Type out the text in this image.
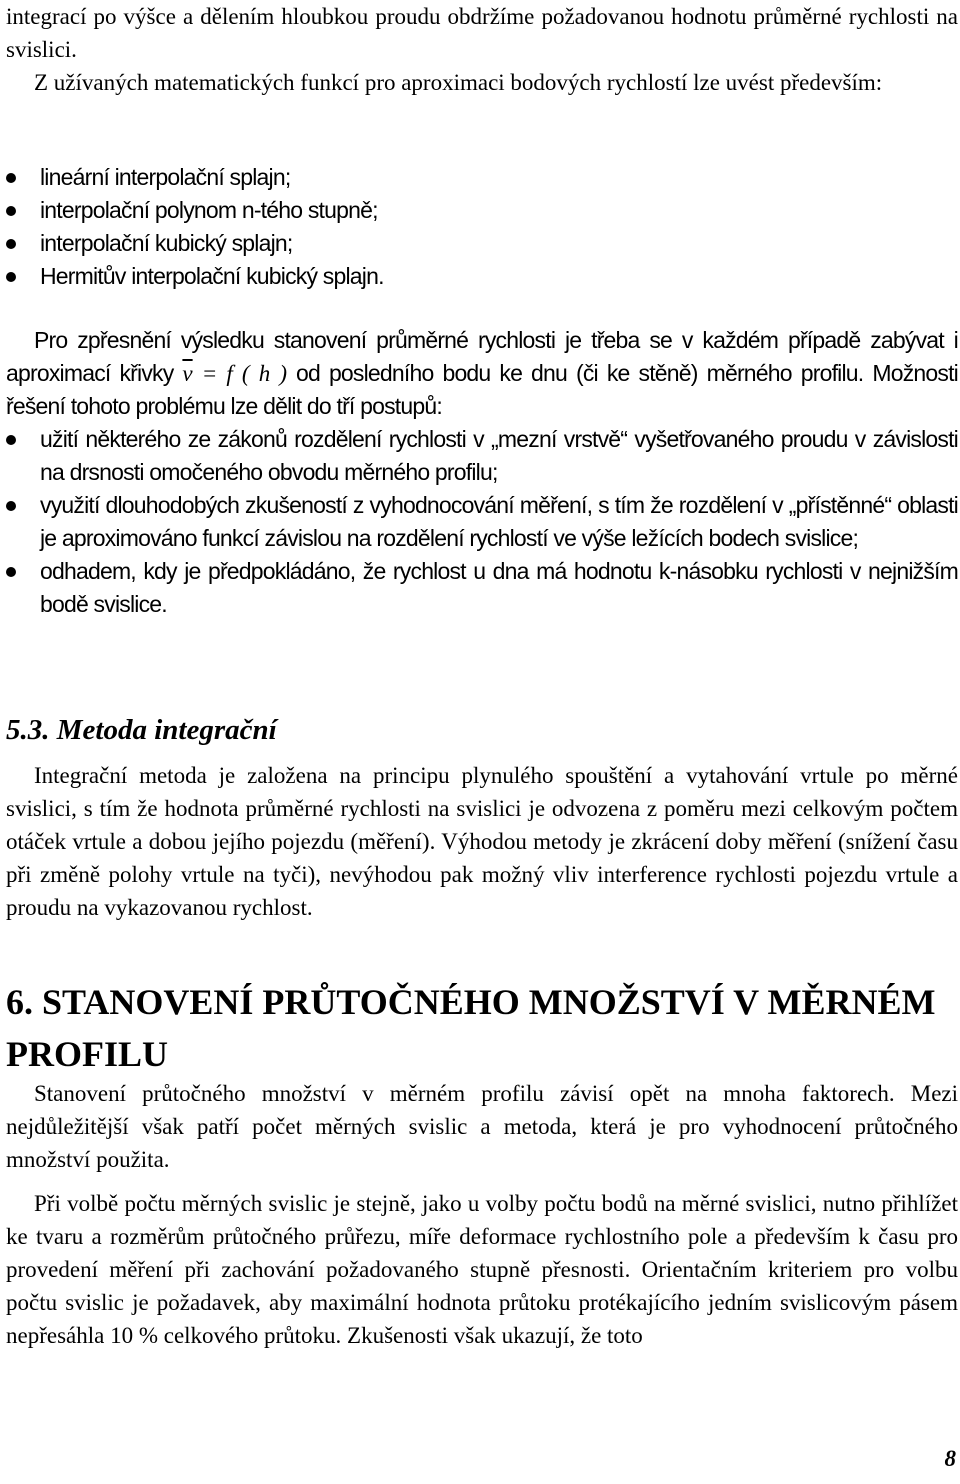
integrací po výšce a dělením hloubkou proudu obdržíme požadovanou hodnotu průměrné rychlosti na svislici.

Z užívaných matematických funkcí pro aproximaci bodových rychlostí lze uvést především:

lineární interpolační splajn;
interpolační polynom n-tého stupně;
interpolační kubický splajn;
Hermitův interpolační kubický splajn.

Pro zpřesnění výsledku stanovení průměrné rychlosti je třeba se v každém případě zabývat i aproximací křivky $\overline{v} = f$ ( h ) od posledního bodu ke dnu (či ke stěně) měrného profilu. Možnosti řešení tohoto problému lze dělit do tří postupů:

užití některého ze zákonů rozdělení rychlosti v „mezní vrstvě“ vyšetřovaného proudu v závislosti na drsnosti omočeného obvodu měrného profilu;
využití dlouhodobých zkušeností z vyhodnocování měření, s tím že rozdělení v „přístěnné“ oblasti je aproximováno funkcí závislou na rozdělení rychlostí ve výše ležících bodech svislice;
odhadem, kdy je předpokládáno, že rychlost u dna má hodnotu k-násobku rychlosti v nejnižším bodě svislice.
5.3. Metoda integrační

Integrační metoda je založena na principu plynulého spouštění a vytahování vrtule po měrné svislici, s tím že hodnota průměrné rychlosti na svislici je odvozena z poměru mezi celkovým počtem otáček vrtule a dobou jejího pojezdu (měření). Výhodou metody je zkrácení doby měření (snížení času při změně polohy vrtule na tyči), nevýhodou pak možný vliv interference rychlosti pojezdu vrtule a proudu na vykazovanou rychlost.

6. STANOVENÍ PRŮTOČNÉHO MNOŽSTVÍ V MĚRNÉM PROFILU

Stanovení průtočného množství v měrném profilu závisí opět na mnoha faktorech. Mezi nejdůležitější však patří počet měrných svislic a metoda, která je pro vyhodnocení průtočného množství použita.

Při volbě počtu měrných svislic je stejně, jako u volby počtu bodů na měrné svislici, nutno přihlížet ke tvaru a rozměrům průtočného průřezu, míře deformace rychlostního pole a především k času pro provedení měření při zachování požadovaného stupně přesnosti. Orientačním kriteriem pro volbu počtu svislic je požadavek, aby maximální hodnota průtoku protékajícího jedním svislicovým pásem nepřesáhla 10 % celkového průtoku. Zkušenosti však ukazují, že toto

8
